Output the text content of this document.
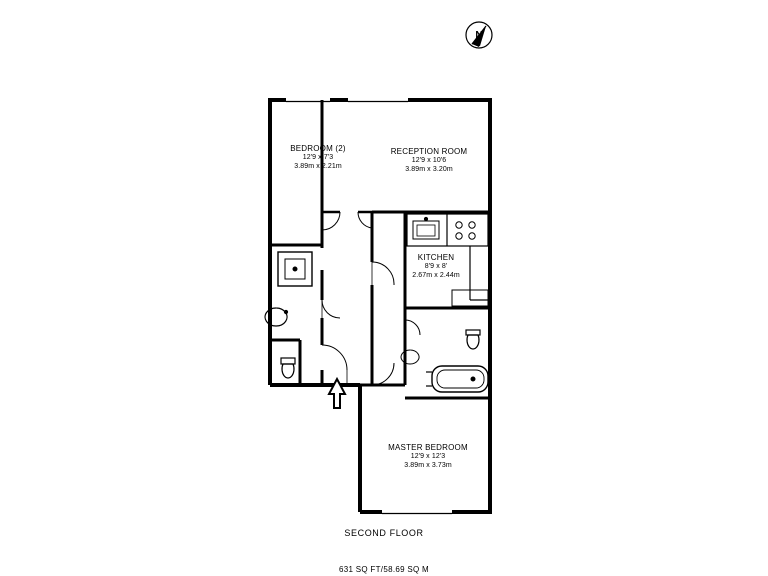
N
BEDROOM (2)
12'9 x 7'3
3.89m x 2.21m
RECEPTION ROOM
12'9 x 10'6
3.89m x 3.20m
KITCHEN
8'9 x 8'
2.67m x 2.44m
MASTER BEDROOM
12'9 x 12'3
3.89m x 3.73m
SECOND FLOOR
631 SQ FT/58.69 SQ M
